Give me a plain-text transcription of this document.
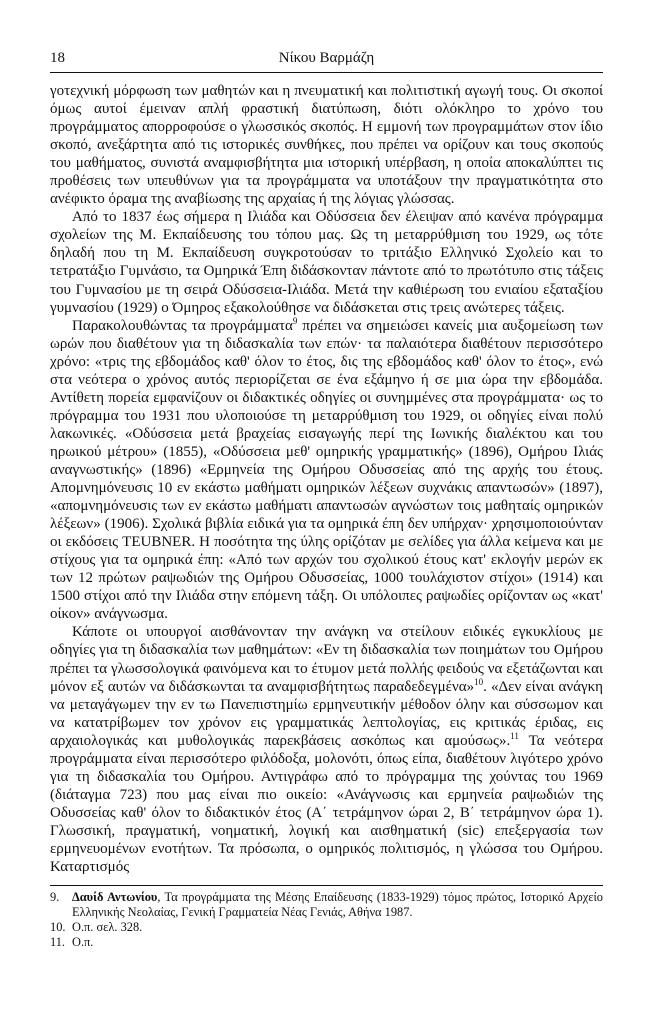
18	Νίκου Βαρμάζη

γοτεχνική μόρφωση των μαθητών και η πνευματική και πολιτιστική αγωγή τους. Οι σκοποί όμως αυτοί έμειναν απλή φραστική διατύπωση, διότι ολόκληρο το χρόνο του προγράμματος απορροφούσε ο γλωσσικός σκοπός. Η εμμονή των προγραμμάτων στον ίδιο σκοπό, ανεξάρτητα από τις ιστορικές συνθήκες, που πρέπει να ορίζουν και τους σκοπούς του μαθήματος, συνιστά αναμφισβήτητα μια ιστορική υπέρβαση, η οποία αποκαλύπτει τις προθέσεις των υπευθύνων για τα προγράμματα να υποτάξουν την πραγματικότητα στο ανέφικτο όραμα της αναβίωσης της αρχαίας ή της λόγιας γλώσσας.

Από το 1837 έως σήμερα η Ιλιάδα και Οδύσσεια δεν έλειψαν από κανένα πρόγραμμα σχολείων της Μ. Εκπαίδευσης του τόπου μας. Ως τη μεταρρύθμιση του 1929, ως τότε δηλαδή που τη Μ. Εκπαίδευση συγκροτούσαν το τριτάξιο Ελληνικό Σχολείο και το τετρατάξιο Γυμνάσιο, τα Ομηρικά Έπη διδάσκονταν πάντοτε από το πρωτότυπο στις τάξεις του Γυμνασίου με τη σειρά Οδύσσεια-Ιλιάδα. Μετά την καθιέρωση του ενιαίου εξαταξίου γυμνασίου (1929) ο Όμηρος εξακολούθησε να διδάσκεται στις τρεις ανώτερες τάξεις.

Παρακολουθώντας τα προγράμματα$^9$ πρέπει να σημειώσει κανείς μια αυξομείωση των ωρών που διαθέτουν για τη διδασκαλία των επών· τα παλαιότερα διαθέτουν περισσότερο χρόνο: «τρις της εβδομάδος καθ' όλον το έτος, δις της εβδομάδος καθ' όλον το έτος», ενώ στα νεότερα ο χρόνος αυτός περιορίζεται σε ένα εξάμηνο ή σε μια ώρα την εβδομάδα. Αντίθετη πορεία εμφανίζουν οι διδακτικές οδηγίες οι συνημμένες στα προγράμματα· ως το πρόγραμμα του 1931 που υλοποιούσε τη μεταρρύθμιση του 1929, οι οδηγίες είναι πολύ λακωνικές. «Οδύσσεια μετά βραχείας εισαγωγής περί της Ιωνικής διαλέκτου και του ηρωικού μέτρου» (1855), «Οδύσσεια μεθ' ομηρικής γραμματικής» (1896), Ομήρου Ιλιάς αναγνωστικής» (1896) «Ερμηνεία της Ομήρου Οδυσσείας από της αρχής του έτους. Απομνημόνευσις 10 εν εκάστω μαθήματι ομηρικών λέξεων συχνάκις απαντωσών» (1897), «απομνημόνευσις των εν εκάστω μαθήματι απαντωσών αγνώστων τοις μαθηταίς ομηρικών λέξεων» (1906). Σχολικά βιβλία ειδικά για τα ομηρικά έπη δεν υπήρχαν· χρησιμοποιούνταν οι εκδόσεις TEUBNER. Η ποσότητα της ύλης ορίζόταν με σελίδες για άλλα κείμενα και με στίχους για τα ομηρικά έπη: «Από των αρχών του σχολικού έτους κατ' εκλογήν μερών εκ των 12 πρώτων ραψωδιών της Ομήρου Οδυσσείας, 1000 τουλάχιστον στίχοι» (1914) και 1500 στίχοι από την Ιλιάδα στην επόμενη τάξη. Οι υπόλοιπες ραψωδίες ορίζονταν ως «κατ' οίκον» ανάγνωσμα.

Κάποτε οι υπουργοί αισθάνονταν την ανάγκη να στείλουν ειδικές εγκυκλίους με οδηγίες για τη διδασκαλία των μαθημάτων: «Εν τη διδασκαλία των ποιημάτων του Ομήρου πρέπει τα γλωσσολογικά φαινόμενα και το έτυμον μετά πολλής φειδούς να εξετάζωνται και μόνον εξ αυτών να διδάσκωνται τα αναμφισβήτητως παραδεδεγμένα»$^{10}$. «Δεν είναι ανάγκη να μεταγάγωμεν την εν τω Πανεπιστημίω ερμηνευτικήν μέθοδον όλην και σύσσωμον και να κατατρίβωμεν τον χρόνον εις γραμματικάς λεπτολογίας, εις κριτικάς έριδας, εις αρχαιολογικάς και μυθολογικάς παρεκβάσεις ασκόπως και αμούσως».$^{11}$ Τα νεότερα προγράμματα είναι περισσότερο φιλόδοξα, μολονότι, όπως είπα, διαθέτουν λιγότερο χρόνο για τη διδασκαλία του Ομήρου. Αντιγράφω από το πρόγραμμα της χούντας του 1969 (διάταγμα 723) που μας είναι πιο οικείο: «Ανάγνωσις και ερμηνεία ραψωδιών της Οδυσσείας καθ' όλον το διδακτικόν έτος (Α΄ τετράμηνον ώραι 2, Β΄ τετράμηνον ώρα 1). Γλωσσική, πραγματική, νοηματική, λογική και αισθηματική (sic) επεξεργασία των ερμηνευομένων ενοτήτων. Τα πρόσωπα, ο ομηρικός πολιτισμός, η γλώσσα του Ομήρου. Καταρτισμός

9. Δαυίδ Αντωνίου, Τα προγράμματα της Μέσης Επαίδευσης (1833-1929) τόμος πρώτος, Ιστορικό Αρχείο Ελληνικής Νεολαίας, Γενική Γραμματεία Νέας Γενιάς, Αθήνα 1987.
10. Ο.π. σελ. 328.
11. Ο.π.
